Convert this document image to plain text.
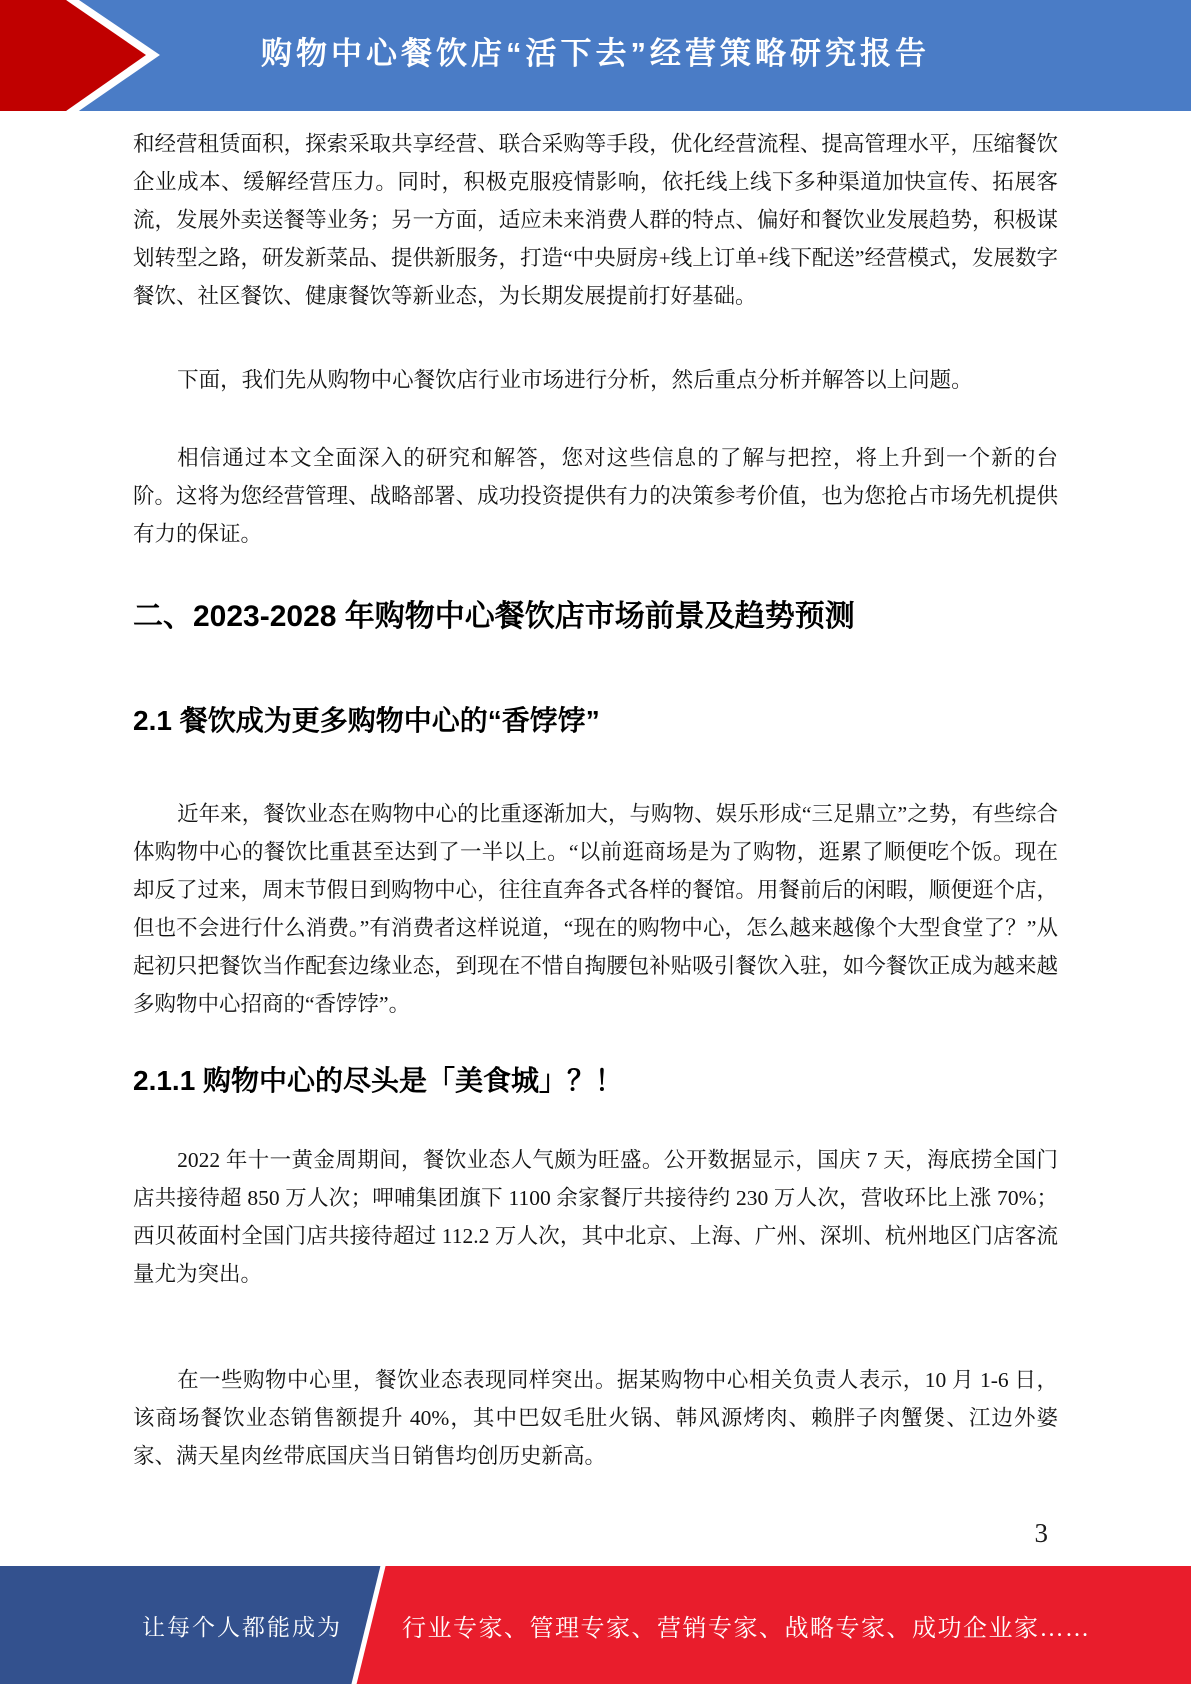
购物中心餐饮店“活下去”经营策略研究报告

和经营租赁面积，探索采取共享经营、联合采购等手段，优化经营流程、提高管理水平，压缩餐饮企业成本、缓解经营压力。同时，积极克服疫情影响，依托线上线下多种渠道加快宣传、拓展客流，发展外卖送餐等业务；另一方面，适应未来消费人群的特点、偏好和餐饮业发展趋势，积极谋划转型之路，研发新菜品、提供新服务，打造“中央厨房+线上订单+线下配送”经营模式，发展数字餐饮、社区餐饮、健康餐饮等新业态，为长期发展提前打好基础。

下面，我们先从购物中心餐饮店行业市场进行分析，然后重点分析并解答以上问题。

相信通过本文全面深入的研究和解答，您对这些信息的了解与把控，将上升到一个新的台阶。这将为您经营管理、战略部署、成功投资提供有力的决策参考价值，也为您抢占市场先机提供有力的保证。

二、2023-2028 年购物中心餐饮店市场前景及趋势预测
2.1 餐饮成为更多购物中心的“香饽饽”

近年来，餐饮业态在购物中心的比重逐渐加大，与购物、娱乐形成“三足鼎立”之势，有些综合体购物中心的餐饮比重甚至达到了一半以上。“以前逛商场是为了购物，逛累了顺便吃个饭。现在却反了过来，周末节假日到购物中心，往往直奔各式各样的餐馆。用餐前后的闲暇，顺便逛个店，但也不会进行什么消费。”有消费者这样说道，“现在的购物中心，怎么越来越像个大型食堂了？”从起初只把餐饮当作配套边缘业态，到现在不惜自掏腰包补贴吸引餐饮入驻，如今餐饮正成为越来越多购物中心招商的“香饽饽”。

2.1.1 购物中心的尽头是「美食城」？！

2022 年十一黄金周期间，餐饮业态人气颇为旺盛。公开数据显示，国庆 7 天，海底捞全国门店共接待超 850 万人次；呷哺集团旗下 1100 余家餐厅共接待约 230 万人次，营收环比上涨 70%；西贝莜面村全国门店共接待超过 112.2 万人次，其中北京、上海、广州、深圳、杭州地区门店客流量尤为突出。

在一些购物中心里，餐饮业态表现同样突出。据某购物中心相关负责人表示，10 月 1-6 日，该商场餐饮业态销售额提升 40%，其中巴奴毛肚火锅、韩风源烤肉、赖胖子肉蟹煲、江边外婆家、满天星肉丝带底国庆当日销售均创历史新高。

3
让每个人都能成为	行业专家、管理专家、营销专家、战略专家、成功企业家……
